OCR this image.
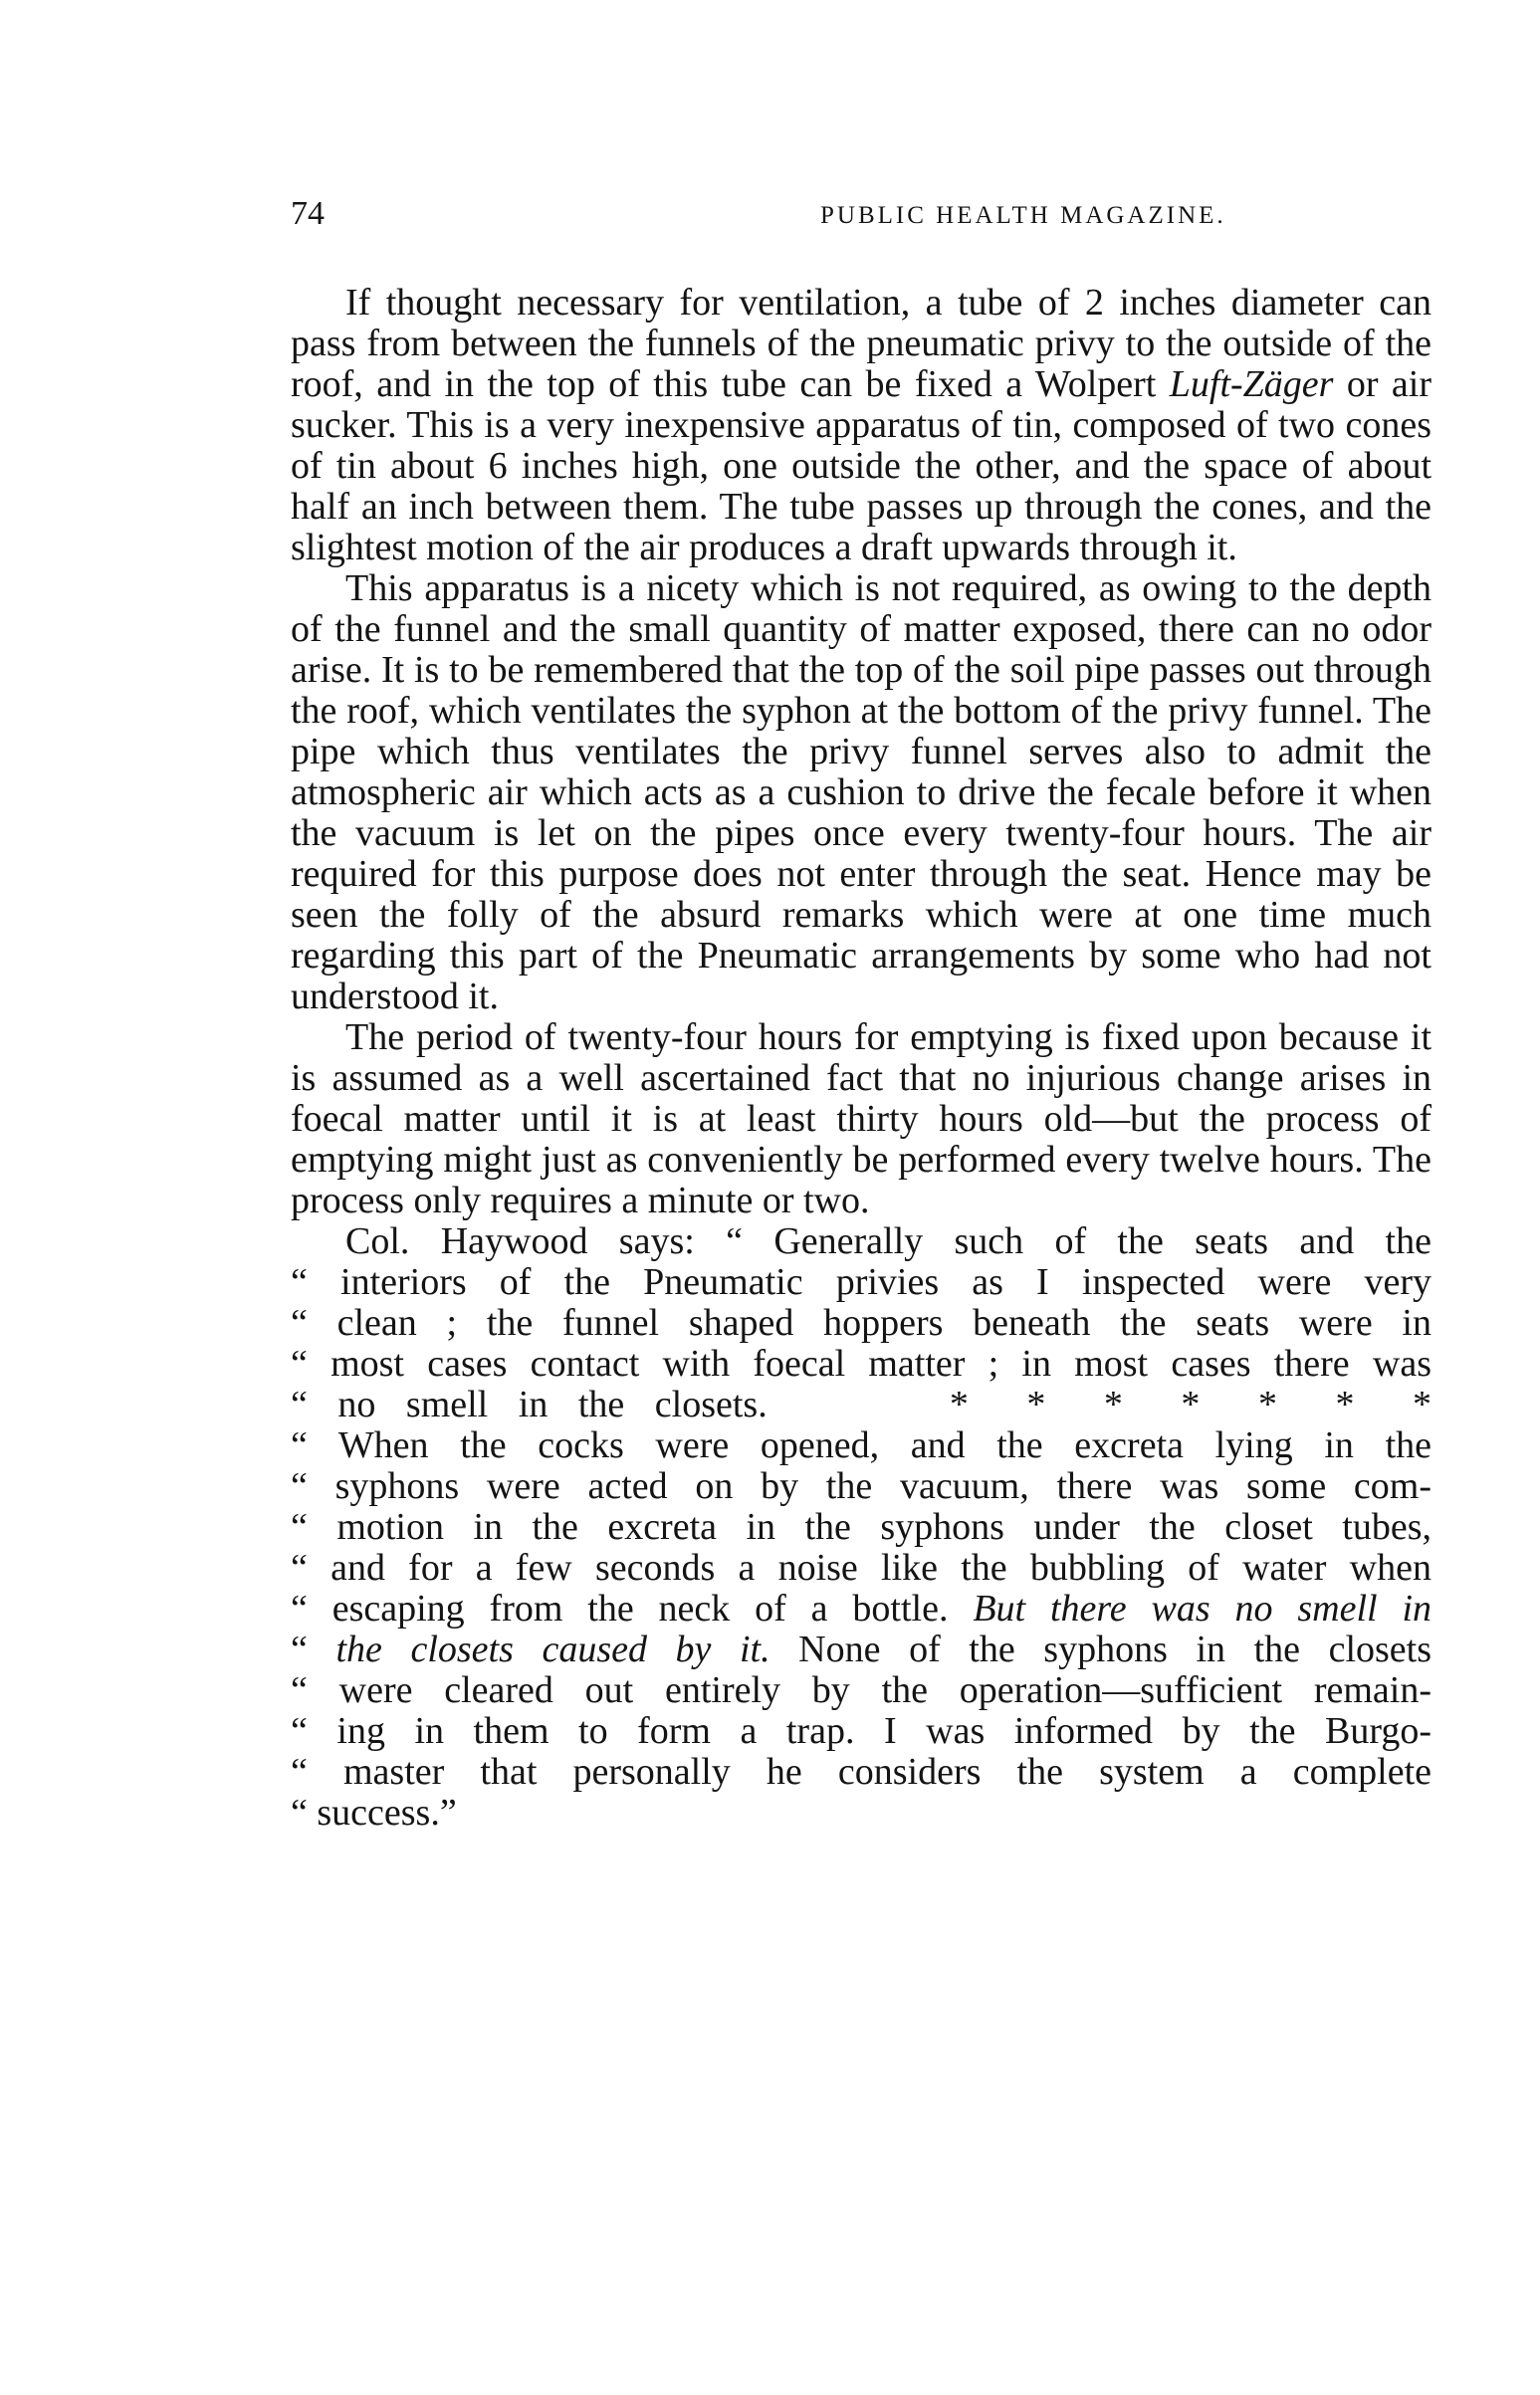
74	PUBLIC HEALTH MAGAZINE.

If thought necessary for ventilation, a tube of 2 inches diameter can pass from between the funnels of the pneumatic privy to the outside of the roof, and in the top of this tube can be fixed a Wolpert Luft-Zäger or air sucker. This is a very inexpensive apparatus of tin, composed of two cones of tin about 6 inches high, one outside the other, and the space of about half an inch between them. The tube passes up through the cones, and the slightest motion of the air produces a draft upwards through it.

This apparatus is a nicety which is not required, as owing to the depth of the funnel and the small quantity of matter exposed, there can no odor arise. It is to be remembered that the top of the soil pipe passes out through the roof, which ventilates the syphon at the bottom of the privy funnel. The pipe which thus ventilates the privy funnel serves also to admit the atmospheric air which acts as a cushion to drive the fecale before it when the vacuum is let on the pipes once every twenty-four hours. The air required for this purpose does not enter through the seat. Hence may be seen the folly of the absurd remarks which were at one time much regarding this part of the Pneumatic arrangements by some who had not understood it.

The period of twenty-four hours for emptying is fixed upon because it is assumed as a well ascertained fact that no injurious change arises in foecal matter until it is at least thirty hours old—but the process of emptying might just as conveniently be performed every twelve hours. The process only requires a minute or two.

Col. Haywood says: “ Generally such of the seats and the
“ interiors of the Pneumatic privies as I inspected were very
“ clean ; the funnel shaped hoppers beneath the seats were in
“ most cases contact with foecal matter ; in most cases there was
“ no smell in the closets.	* * * * * * *
“ When the cocks were opened, and the excreta lying in the
“ syphons were acted on by the vacuum, there was some com-
“ motion in the excreta in the syphons under the closet tubes,
“ and for a few seconds a noise like the bubbling of water when
“ escaping from the neck of a bottle. But there was no smell in
“ the closets caused by it. None of the syphons in the closets
“ were cleared out entirely by the operation—sufficient remain-
“ ing in them to form a trap. I was informed by the Burgo-
“ master that personally he considers the system a complete
“ success.”
